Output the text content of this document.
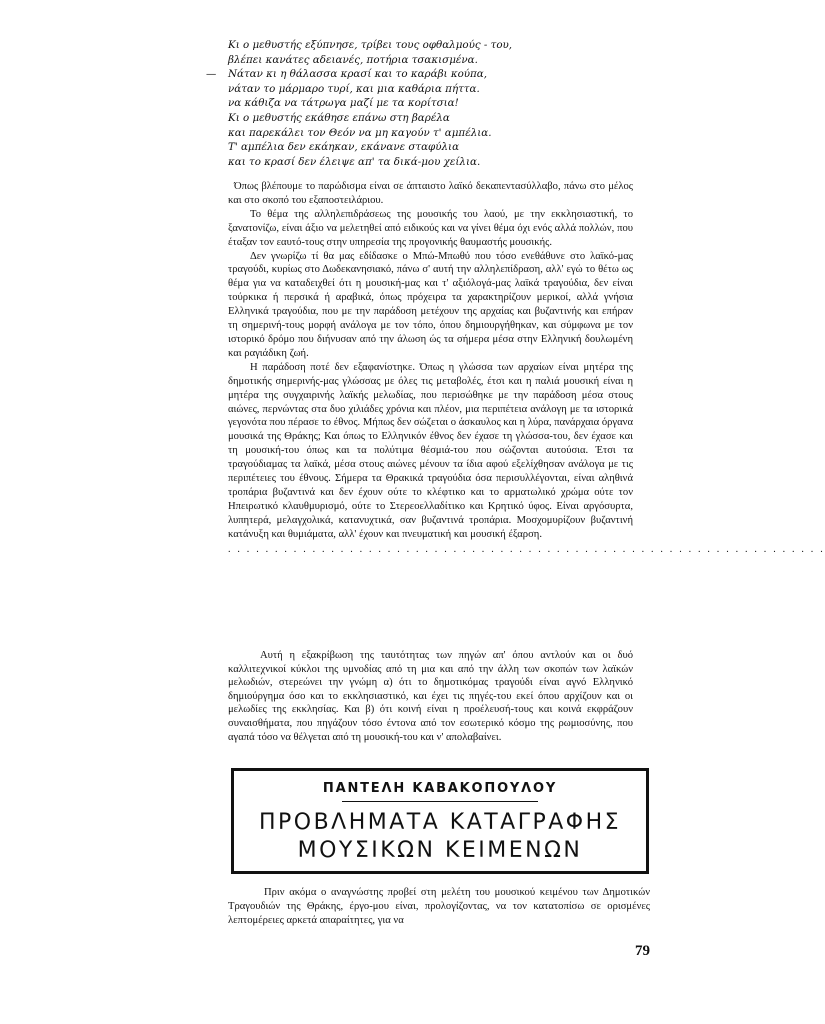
Κι ο μεθυστής εξύπνησε, τρίβει τους οφθαλμούς - του,
βλέπει κανάτες αδειανές, ποτήρια τσακισμένα.
— Νάταν κι η θάλασσα κρασί και το καράβι κούπα,
νάταν το μάρμαρο τυρί, και μια καθάρια πήττα.
να κάθιζα να τάτρωγα μαζί με τα κορίτσια!
Κι ο μεθυστής εκάθησε επάνω στη βαρέλα
και παρεκάλει τον Θεόν να μη καγούν τ' αμπέλια.
Τ' αμπέλια δεν εκάηκαν, εκάνανε σταφύλια
και το κρασί δεν έλειψε απ' τα δικά-μου χείλια.

Όπως βλέπουμε το παρώδισμα είναι σε άπταιστο λαϊκό δεκαπεντασύλλαβο, πάνω στο μέλος και στο σκοπό του εξαποστειλάριου.

Το θέμα της αλληλεπιδράσεως της μουσικής του λαού, με την εκκλησιαστική, το ξανατονίζω, είναι άξιο να μελετηθεί από ειδικούς και να γίνει θέμα όχι ενός αλλά πολλών, που έταξαν τον εαυτό-τους στην υπηρεσία της προγονικής θαυμαστής μουσικής.

Δεν γνωρίζω τί θα μας εδίδασκε ο Μπώ-Μπωθύ που τόσο ενεθάθυνε στο λαϊκό-μας τραγούδι, κυρίως στο Δωδεκανησιακό, πάνω σ' αυτή την αλληλεπίδραση, αλλ' εγώ το θέτω ως θέμα για να καταδειχθεί ότι η μουσική-μας και τ' αξιόλογά-μας λαϊκά τραγούδια, δεν είναι τούρκικα ή περσικά ή αραβικά, όπως πρόχειρα τα χαρακτηρίζουν μερικοί, αλλά γνήσια Ελληνικά τραγούδια, που με την παράδοση μετέχουν της αρχαίας και βυζαντινής και επήραν τη σημερινή-τους μορφή ανάλογα με τον τόπο, όπου δημιουργήθηκαν, και σύμφωνα με τον ιστορικό δρόμο που διήνυσαν από την άλωση ώς τα σήμερα μέσα στην Ελληνική δουλωμένη και ραγιάδικη ζωή.

Η παράδοση ποτέ δεν εξαφανίστηκε. Όπως η γλώσσα των αρχαίων είναι μητέρα της δημοτικής σημερινής-μας γλώσσας με όλες τις μεταβολές, έτσι και η παλιά μουσική είναι η μητέρα της συγχαιρινής λαϊκής μελωδίας, που περισώθηκε με την παράδοση μέσα στους αιώνες, περνώντας στα δυο χιλιάδες χρόνια και πλέον, μια περιπέτεια ανάλογη με τα ιστορικά γεγονότα που πέρασε το έθνος. Μήπως δεν σώζεται ο άσκαυλος και η λύρα, πανάρχαια όργανα μουσικά της Θράκης; Και όπως το Ελληνικόν έθνος δεν έχασε τη γλώσσα-του, δεν έχασε και τη μουσική-του όπως και τα πολύτιμα θέσμιά-του που σώζονται αυτούσια. Έτσι τα τραγούδιαμας τα λαϊκά, μέσα στους αιώνες μένουν τα ίδια αφού εξελίχθησαν ανάλογα με τις περιπέτειες του έθνους. Σήμερα τα Θρακικά τραγούδια όσα περισυλλέγονται, είναι αληθινά τροπάρια βυζαντινά και δεν έχουν ούτε το κλέφτικο και το αρματωλικό χρώμα ούτε τον Ηπειρωτικό κλαυθμυρισμό, ούτε το Στερεοελλαδίτικο και Κρητικό ύφος. Είναι αργόσυρτα, λυπητερά, μελαγχολικά, κατανυχτικά, σαν βυζαντινά τροπάρια. Μοσχομυρίζουν βυζαντινή κατάνυξη και θυμιάματα, αλλ' έχουν και πνευματική και μουσική έξαρση.

. . . . . . . . . . . . . . . . . . . . . . . . . . . . . . . . . . . . . . . . . . . . . . . . . . . . . . . . . . . . . . . .

Αυτή η εξακρίβωση της ταυτότητας των πηγών απ' όπου αντλούν και οι δυό καλλιτεχνικοί κύκλοι της υμνοδίας από τη μια και από την άλλη των σκοπών των λαϊκών μελωδιών, στερεώνει την γνώμη α) ότι το δημοτικόμας τραγούδι είναι αγνό Ελληνικό δημιούργημα όσο και το εκκλησιαστικό, και έχει τις πηγές-του εκεί όπου αρχίζουν και οι μελωδίες της εκκλησίας. Και β) ότι κοινή είναι η προέλευσή-τους και κοινά εκφράζουν συναισθήματα, που πηγάζουν τόσο έντονα από τον εσωτερικό κόσμο της ρωμιοσύνης, που αγαπά τόσο να θέλγεται από τη μουσική-του και ν' απολαβαίνει.

ΠΑΝΤΕΛΗ ΚΑΒΑΚΟΠΟΥΛΟΥ
ΠΡΟΒΛΗΜΑΤΑ ΚΑΤΑΓΡΑΦΗΣ
ΜΟΥΣΙΚΩΝ ΚΕΙΜΕΝΩΝ

Πριν ακόμα ο αναγνώστης προβεί στη μελέτη του μουσικού κειμένου των Δημοτικών Τραγουδιών της Θράκης, έργο-μου είναι, προλογίζοντας, να τον κατατοπίσω σε ορισμένες λεπτομέρειες αρκετά απαραίτητες, για να

79
